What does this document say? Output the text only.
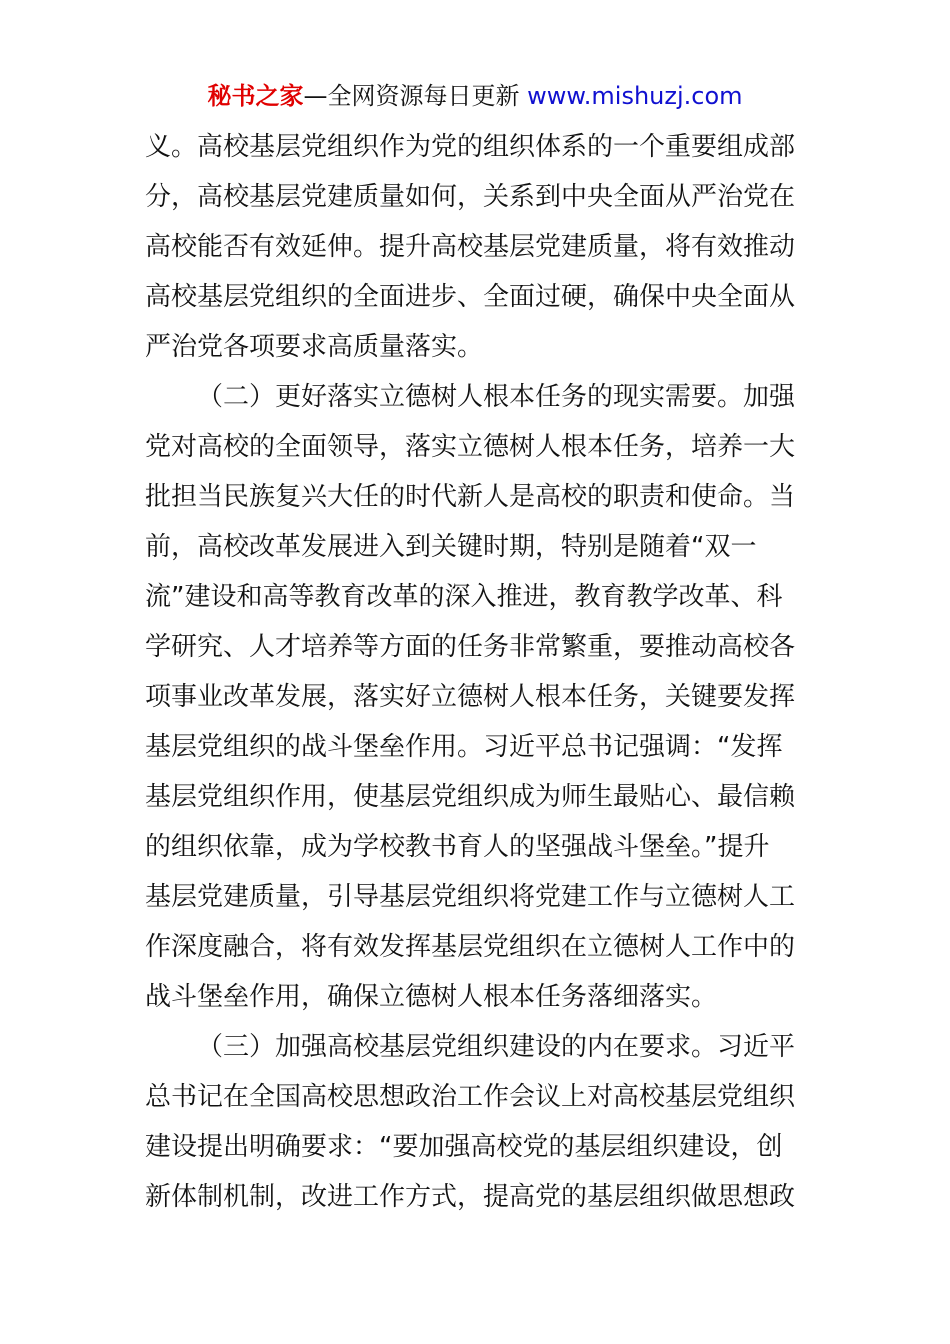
秘书之家—全网资源每日更新 www.mishuzj.com
义。高校基层党组织作为党的组织体系的一个重要组成部
分，高校基层党建质量如何，关系到中央全面从严治党在
高校能否有效延伸。提升高校基层党建质量，将有效推动
高校基层党组织的全面进步、全面过硬，确保中央全面从
严治党各项要求高质量落实。
（二）更好落实立德树人根本任务的现实需要。加强
党对高校的全面领导，落实立德树人根本任务，培养一大
批担当民族复兴大任的时代新人是高校的职责和使命。当
前，高校改革发展进入到关键时期，特别是随着“双一
流”建设和高等教育改革的深入推进，教育教学改革、科
学研究、人才培养等方面的任务非常繁重，要推动高校各
项事业改革发展，落实好立德树人根本任务，关键要发挥
基层党组织的战斗堡垒作用。习近平总书记强调：“发挥
基层党组织作用，使基层党组织成为师生最贴心、最信赖
的组织依靠，成为学校教书育人的坚强战斗堡垒。”提升
基层党建质量，引导基层党组织将党建工作与立德树人工
作深度融合，将有效发挥基层党组织在立德树人工作中的
战斗堡垒作用，确保立德树人根本任务落细落实。
（三）加强高校基层党组织建设的内在要求。习近平
总书记在全国高校思想政治工作会议上对高校基层党组织
建设提出明确要求：“要加强高校党的基层组织建设，创
新体制机制，改进工作方式，提高党的基层组织做思想政
